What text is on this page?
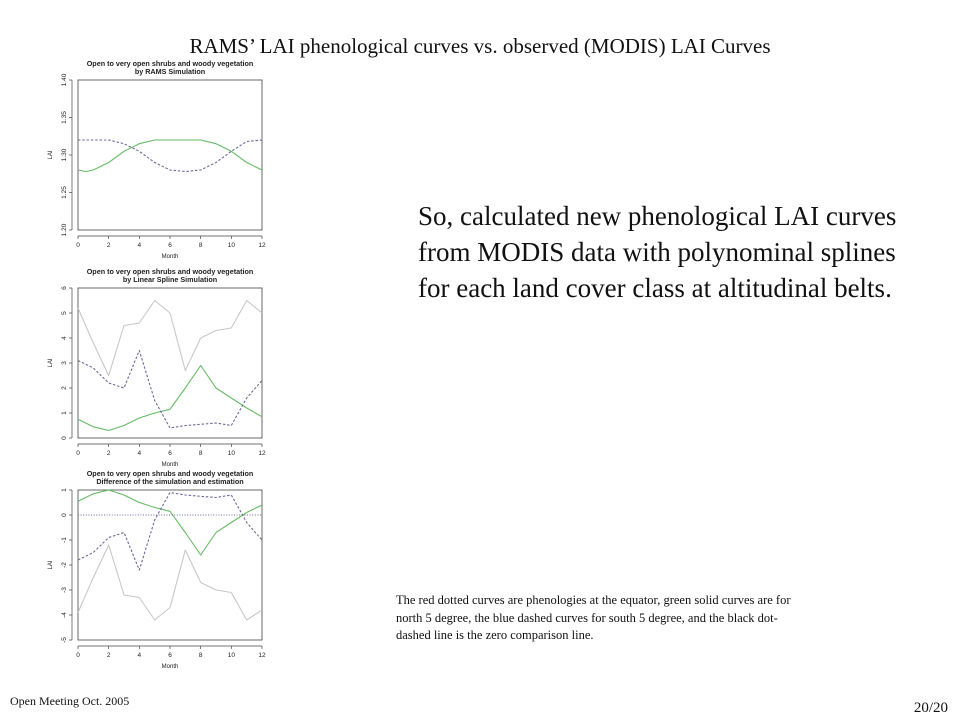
RAMS’ LAI phenological curves vs. observed (MODIS) LAI Curves
Open to very open shrubs and woody vegetation
by RAMS Simulation
0	2	4	6	8	10	12
Month
1.20
1.25
1.30
1.35
1.40
LAI
Open to very open shrubs and woody vegetation
by Linear Spline Simulation
0	2	4	6	8	10	12
Month
0
1
2
3
4
5
6
LAI
Open to very open shrubs and woody vegetation
Difference of the simulation and estimation
0	2	4	6	8	10	12
Month
-5
-4
-3
-2
-1
0
1
LAI
So, calculated new phenological LAI curves from MODIS data with polynominal splines for each land cover class at altitudinal belts.
The red dotted curves are phenologies at the equator, green solid curves are for north 5 degree, the blue dashed curves for south 5 degree, and the black dot-dashed line is the zero comparison line.
Open Meeting Oct. 2005	20/20
